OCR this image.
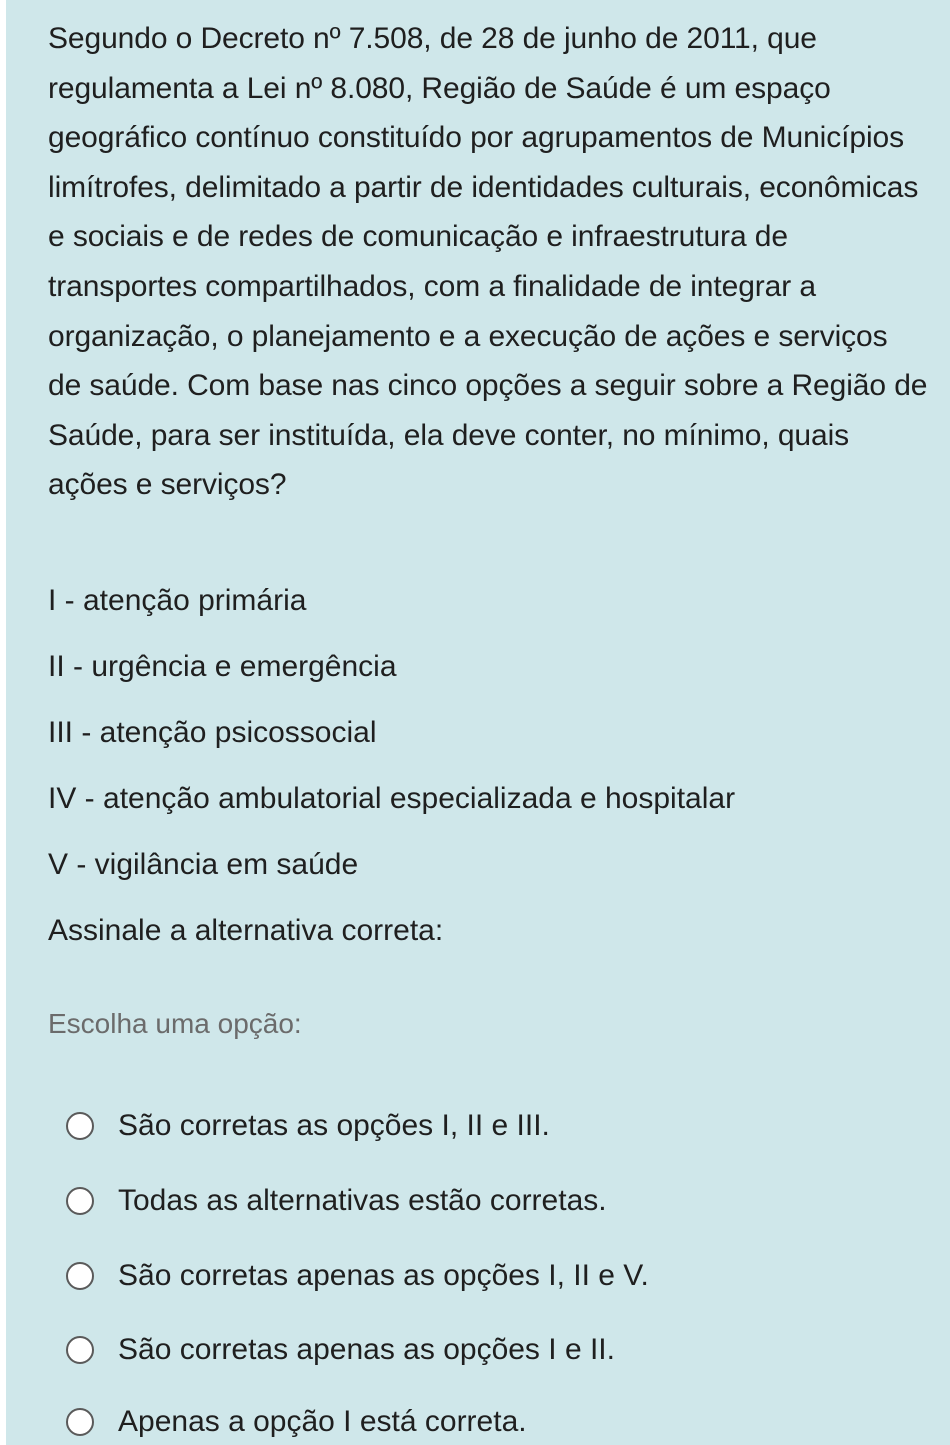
Segundo o Decreto nº 7.508, de 28 de junho de 2011, que regulamenta a Lei nº 8.080, Região de Saúde é um espaço geográfico contínuo constituído por agrupamentos de Municípios limítrofes, delimitado a partir de identidades culturais, econômicas e sociais e de redes de comunicação e infraestrutura de transportes compartilhados, com a finalidade de integrar a organização, o planejamento e a execução de ações e serviços de saúde. Com base nas cinco opções a seguir sobre a Região de Saúde, para ser instituída, ela deve conter, no mínimo, quais ações e serviços?

I - atenção primária

II - urgência e emergência

III - atenção psicossocial

IV - atenção ambulatorial especializada e hospitalar

V - vigilância em saúde

Assinale a alternativa correta:

Escolha uma opção:

São corretas as opções I, II e III.
Todas as alternativas estão corretas.
São corretas apenas as opções I, II e V.
São corretas apenas as opções I e II.
Apenas a opção I está correta.
